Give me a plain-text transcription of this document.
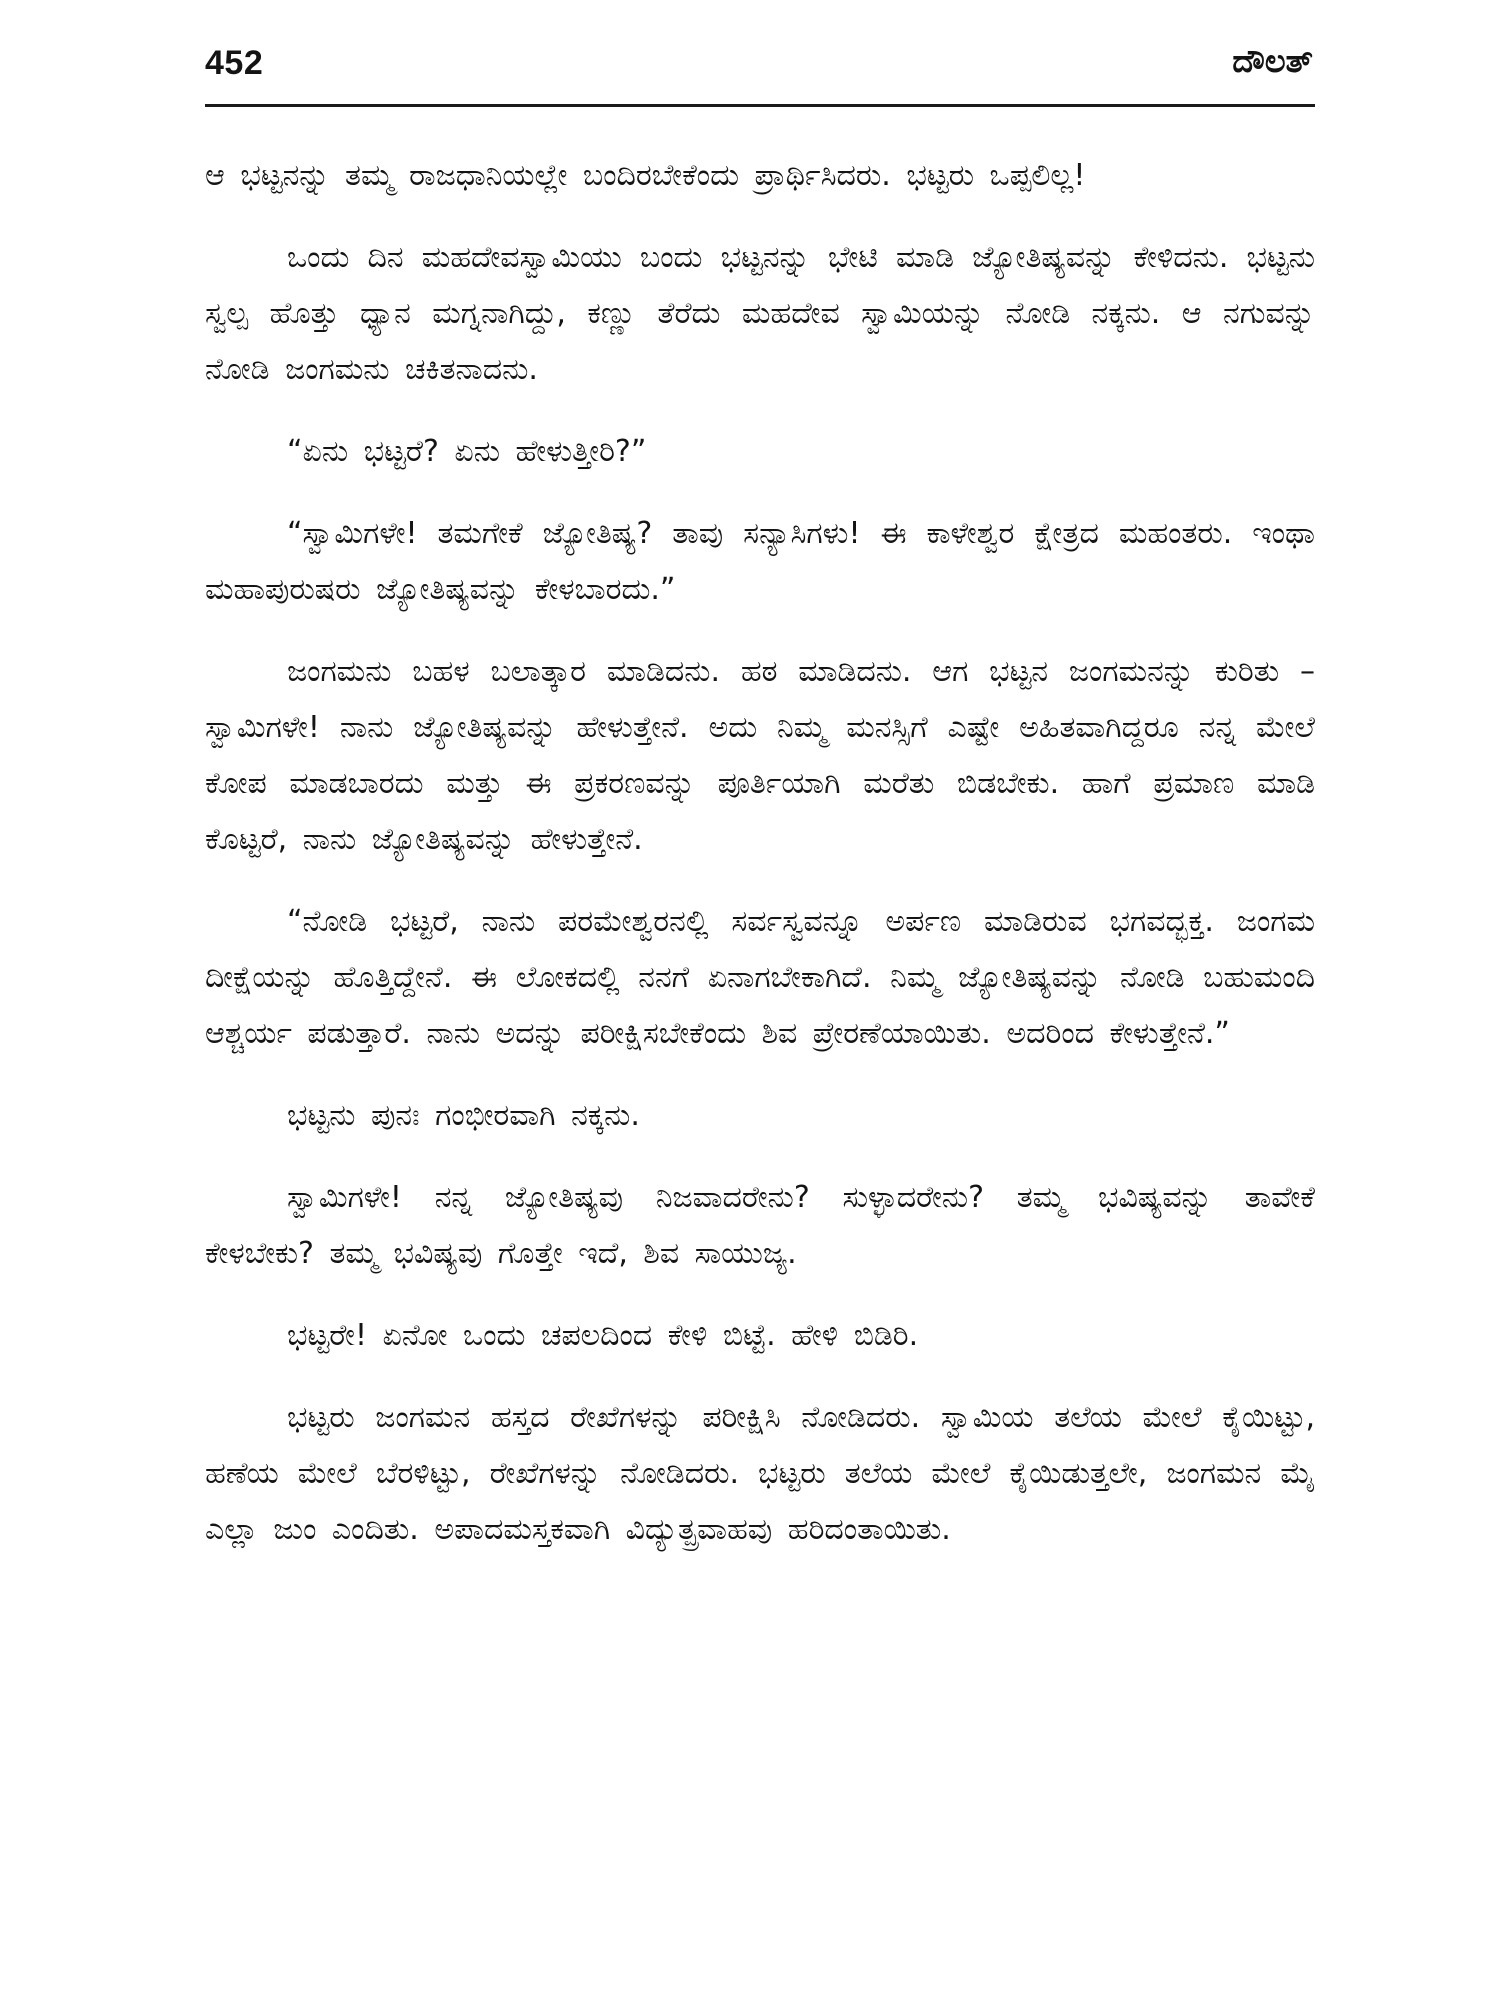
452	ದೌಲತ್

ಆ ಭಟ್ಟನನ್ನು ತಮ್ಮ ರಾಜಧಾನಿಯಲ್ಲೇ ಬಂದಿರಬೇಕೆಂದು ಪ್ರಾರ್ಥಿಸಿದರು. ಭಟ್ಟರು ಒಪ್ಪಲಿಲ್ಲ!

ಒಂದು ದಿನ ಮಹದೇವಸ್ವಾಮಿಯು ಬಂದು ಭಟ್ಟನನ್ನು ಭೇಟಿ ಮಾಡಿ ಜ್ಯೋತಿಷ್ಯವನ್ನು ಕೇಳಿದನು. ಭಟ್ಟನು ಸ್ವಲ್ಪ ಹೊತ್ತು ಧ್ಯಾನ ಮಗ್ನನಾಗಿದ್ದು, ಕಣ್ಣು ತೆರೆದು ಮಹದೇವ ಸ್ವಾಮಿಯನ್ನು ನೋಡಿ ನಕ್ಕನು. ಆ ನಗುವನ್ನು ನೋಡಿ ಜಂಗಮನು ಚಕಿತನಾದನು.

“ಏನು ಭಟ್ಟರೆ? ಏನು ಹೇಳುತ್ತೀರಿ?”

“ಸ್ವಾಮಿಗಳೇ! ತಮಗೇಕೆ ಜ್ಯೋತಿಷ್ಯ? ತಾವು ಸನ್ಯಾಸಿಗಳು! ಈ ಕಾಳೇಶ್ವರ ಕ್ಷೇತ್ರದ ಮಹಂತರು. ಇಂಥಾ ಮಹಾಪುರುಷರು ಜ್ಯೋತಿಷ್ಯವನ್ನು ಕೇಳಬಾರದು.”

ಜಂಗಮನು ಬಹಳ ಬಲಾತ್ಕಾರ ಮಾಡಿದನು. ಹಠ ಮಾಡಿದನು. ಆಗ ಭಟ್ಟನ ಜಂಗಮನನ್ನು ಕುರಿತು – ಸ್ವಾಮಿಗಳೇ! ನಾನು ಜ್ಯೋತಿಷ್ಯವನ್ನು ಹೇಳುತ್ತೇನೆ. ಅದು ನಿಮ್ಮ ಮನಸ್ಸಿಗೆ ಎಷ್ಟೇ ಅಹಿತವಾಗಿದ್ದರೂ ನನ್ನ ಮೇಲೆ ಕೋಪ ಮಾಡಬಾರದು ಮತ್ತು ಈ ಪ್ರಕರಣವನ್ನು ಪೂರ್ತಿಯಾಗಿ ಮರೆತು ಬಿಡಬೇಕು. ಹಾಗೆ ಪ್ರಮಾಣ ಮಾಡಿ ಕೊಟ್ಟರೆ, ನಾನು ಜ್ಯೋತಿಷ್ಯವನ್ನು ಹೇಳುತ್ತೇನೆ.

“ನೋಡಿ ಭಟ್ಟರೆ, ನಾನು ಪರಮೇಶ್ವರನಲ್ಲಿ ಸರ್ವಸ್ವವನ್ನೂ ಅರ್ಪಣ ಮಾಡಿರುವ ಭಗವದ್ಭಕ್ತ. ಜಂಗಮ ದೀಕ್ಷೆಯನ್ನು ಹೊತ್ತಿದ್ದೇನೆ. ಈ ಲೋಕದಲ್ಲಿ ನನಗೆ ಏನಾಗಬೇಕಾಗಿದೆ. ನಿಮ್ಮ ಜ್ಯೋತಿಷ್ಯವನ್ನು ನೋಡಿ ಬಹುಮಂದಿ ಆಶ್ಚರ್ಯ ಪಡುತ್ತಾರೆ. ನಾನು ಅದನ್ನು ಪರೀಕ್ಷಿಸಬೇಕೆಂದು ಶಿವ ಪ್ರೇರಣೆಯಾಯಿತು. ಅದರಿಂದ ಕೇಳುತ್ತೇನೆ.”

ಭಟ್ಟನು ಪುನಃ ಗಂಭೀರವಾಗಿ ನಕ್ಕನು.

ಸ್ವಾಮಿಗಳೇ! ನನ್ನ ಜ್ಯೋತಿಷ್ಯವು ನಿಜವಾದರೇನು? ಸುಳ್ಳಾದರೇನು? ತಮ್ಮ ಭವಿಷ್ಯವನ್ನು ತಾವೇಕೆ ಕೇಳಬೇಕು? ತಮ್ಮ ಭವಿಷ್ಯವು ಗೊತ್ತೇ ಇದೆ, ಶಿವ ಸಾಯುಜ್ಯ.

ಭಟ್ಟರೇ! ಏನೋ ಒಂದು ಚಪಲದಿಂದ ಕೇಳಿ ಬಿಟ್ಟೆ. ಹೇಳಿ ಬಿಡಿರಿ.

ಭಟ್ಟರು ಜಂಗಮನ ಹಸ್ತದ ರೇಖೆಗಳನ್ನು ಪರೀಕ್ಷಿಸಿ ನೋಡಿದರು. ಸ್ವಾಮಿಯ ತಲೆಯ ಮೇಲೆ ಕೈಯಿಟ್ಟು, ಹಣೆಯ ಮೇಲೆ ಬೆರಳಿಟ್ಟು, ರೇಖೆಗಳನ್ನು ನೋಡಿದರು. ಭಟ್ಟರು ತಲೆಯ ಮೇಲೆ ಕೈಯಿಡುತ್ತಲೇ, ಜಂಗಮನ ಮೈ ಎಲ್ಲಾ ಜುಂ ಎಂದಿತು. ಅಪಾದಮಸ್ತಕವಾಗಿ ವಿದ್ಯುತ್ಪ್ರವಾಹವು ಹರಿದಂತಾಯಿತು.
